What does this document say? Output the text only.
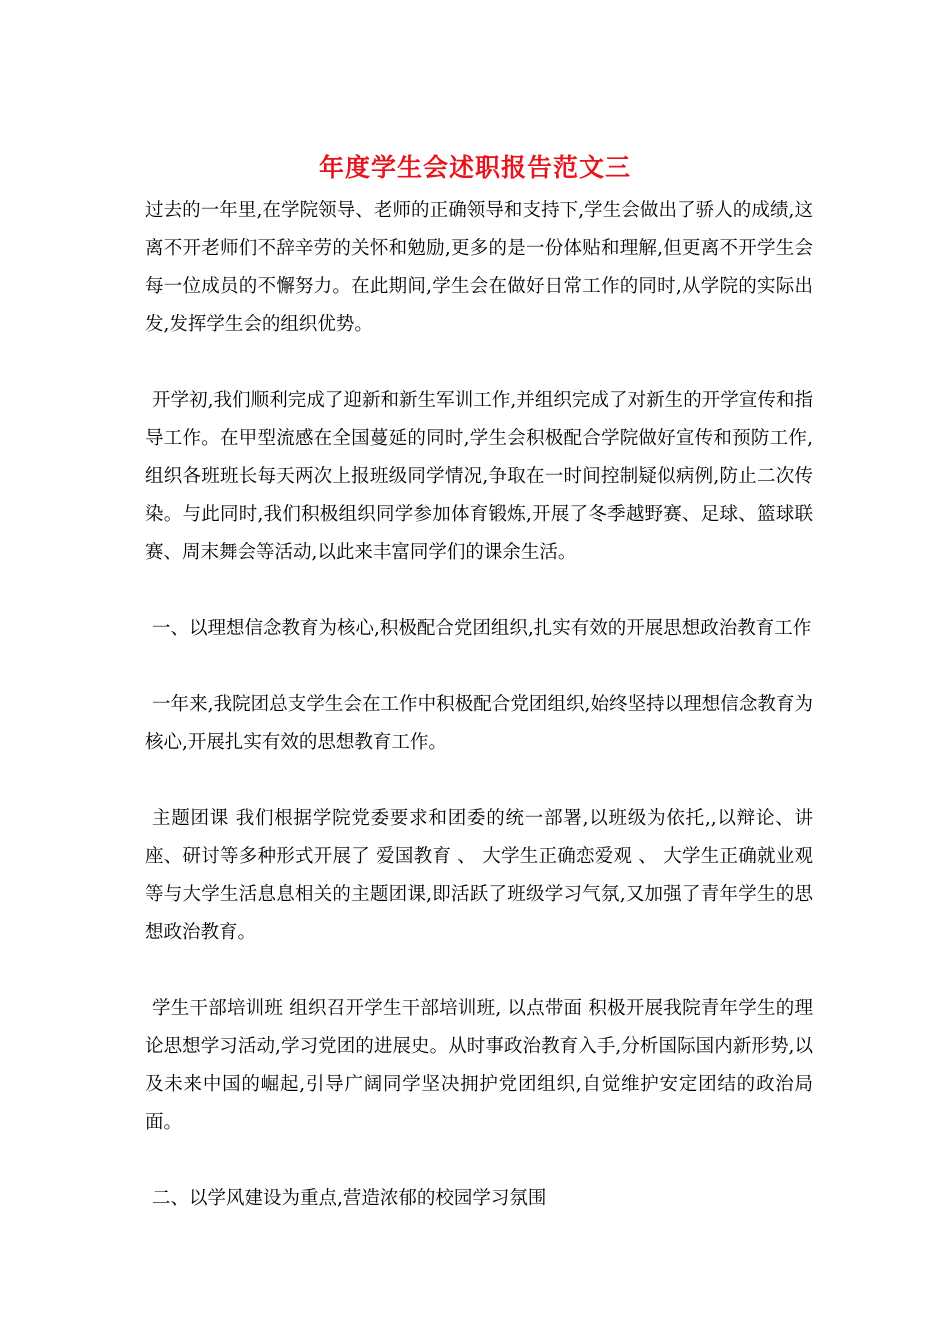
年度学生会述职报告范文三

过去的一年里,在学院领导、老师的正确领导和支持下,学生会做出了骄人的成绩,这离不开老师们不辞辛劳的关怀和勉励,更多的是一份体贴和理解,但更离不开学生会每一位成员的不懈努力。在此期间,学生会在做好日常工作的同时,从学院的实际出发,发挥学生会的组织优势。

开学初,我们顺利完成了迎新和新生军训工作,并组织完成了对新生的开学宣传和指导工作。在甲型流感在全国蔓延的同时,学生会积极配合学院做好宣传和预防工作,组织各班班长每天两次上报班级同学情况,争取在一时间控制疑似病例,防止二次传染。与此同时,我们积极组织同学参加体育锻炼,开展了冬季越野赛、足球、篮球联赛、周末舞会等活动,以此来丰富同学们的课余生活。

一、以理想信念教育为核心,积极配合党团组织,扎实有效的开展思想政治教育工作

一年来,我院团总支学生会在工作中积极配合党团组织,始终坚持以理想信念教育为核心,开展扎实有效的思想教育工作。

主题团课 我们根据学院党委要求和团委的统一部署,以班级为依托,,以辩论、讲座、研讨等多种形式开展了 爱国教育 、 大学生正确恋爱观 、 大学生正确就业观 等与大学生活息息相关的主题团课,即活跃了班级学习气氛,又加强了青年学生的思想政治教育。

学生干部培训班 组织召开学生干部培训班, 以点带面 积极开展我院青年学生的理论思想学习活动,学习党团的进展史。从时事政治教育入手,分析国际国内新形势,以及未来中国的崛起,引导广阔同学坚决拥护党团组织,自觉维护安定团结的政治局面。

二、以学风建设为重点,营造浓郁的校园学习氛围
